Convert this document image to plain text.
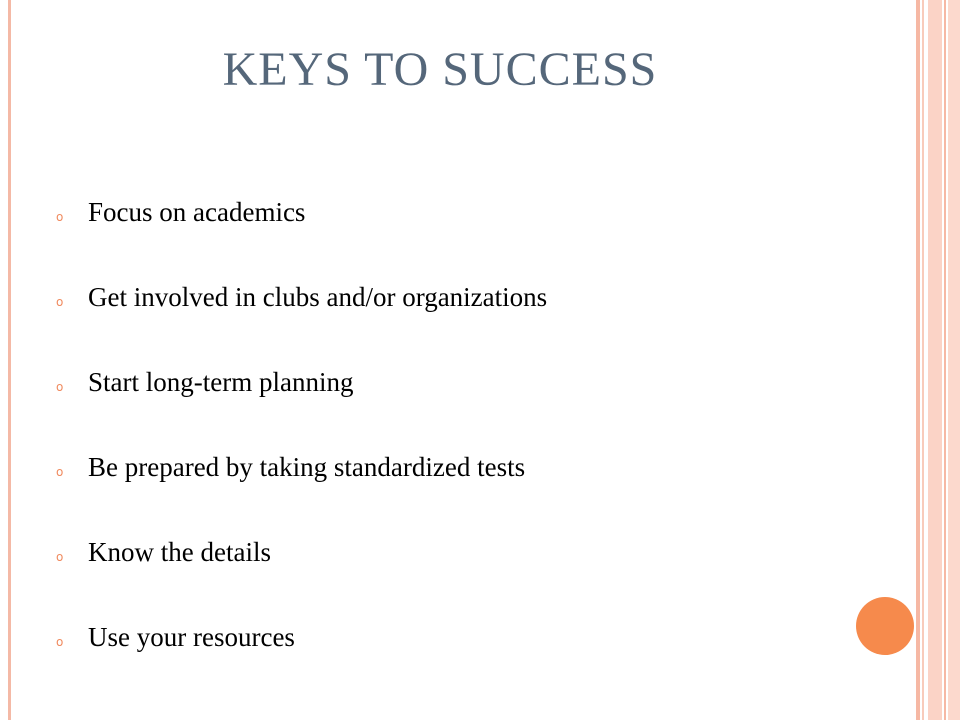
KEYS TO SUCCESS
o Focus on academics
o Get involved in clubs and/or organizations
o Start long-term planning
o Be prepared by taking standardized tests
o Know the details
o Use your resources
